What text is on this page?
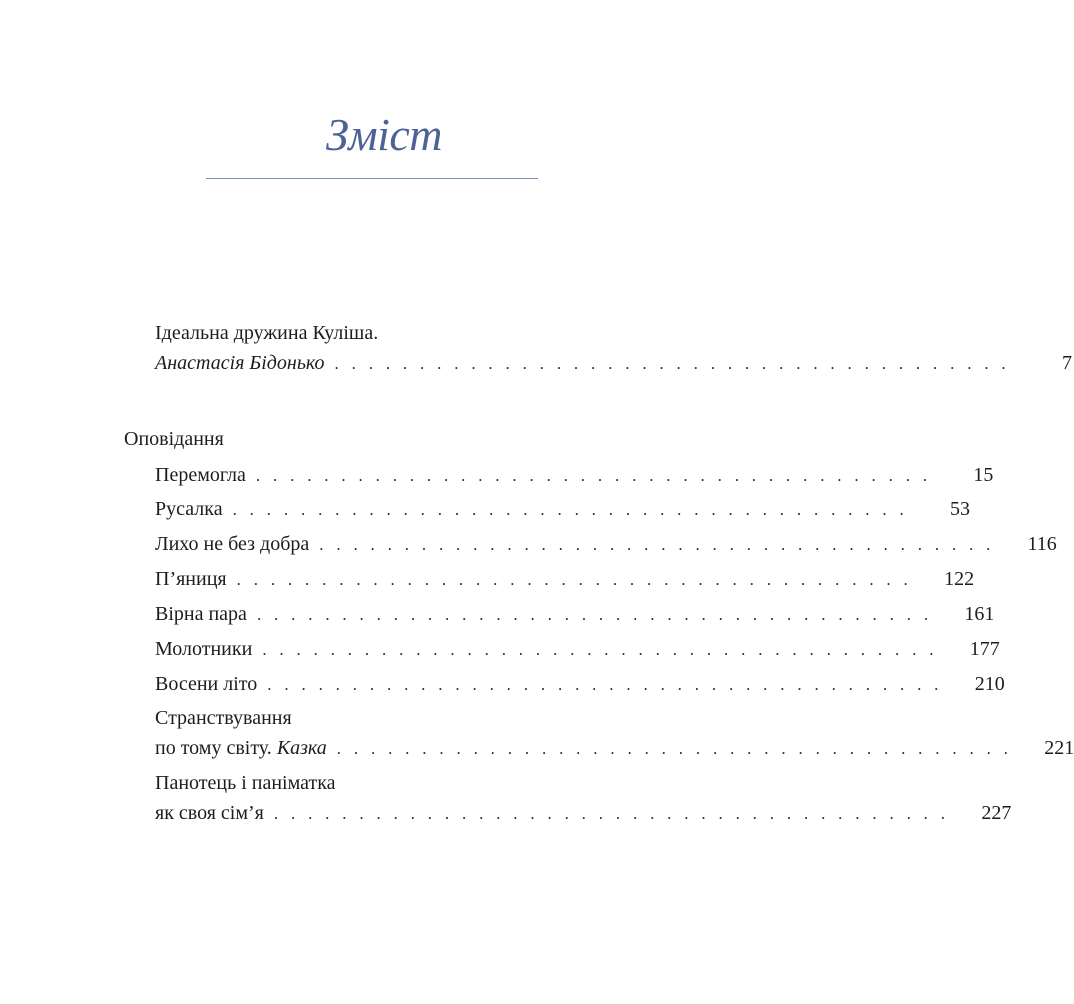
Зміст
Ідеальна дружина Куліша.
Анастасія Бідонько . . . . . . . . . . . . . . . . . . . . . . . . . . . . . . . . . . . . . . . .	7
Оповідання
Перемогла . . . . . . . . . . . . . . . . . . . . . . . . . . . . . . . . . . . . . . . .	15
Русалка . . . . . . . . . . . . . . . . . . . . . . . . . . . . . . . . . . . . . . . .	53
Лихо не без добра . . . . . . . . . . . . . . . . . . . . . . . . . . . . . . . . . . . . . . . .	116
П’яниця . . . . . . . . . . . . . . . . . . . . . . . . . . . . . . . . . . . . . . . .	122
Вірна пара . . . . . . . . . . . . . . . . . . . . . . . . . . . . . . . . . . . . . . . .	161
Молотники . . . . . . . . . . . . . . . . . . . . . . . . . . . . . . . . . . . . . . . .	177
Восени літо . . . . . . . . . . . . . . . . . . . . . . . . . . . . . . . . . . . . . . . .	210
Странствування
по тому світу. Казка . . . . . . . . . . . . . . . . . . . . . . . . . . . . . . . . . . . . . . . .	221
Панотець і паніматка
як своя сім’я . . . . . . . . . . . . . . . . . . . . . . . . . . . . . . . . . . . . . . . .	227
